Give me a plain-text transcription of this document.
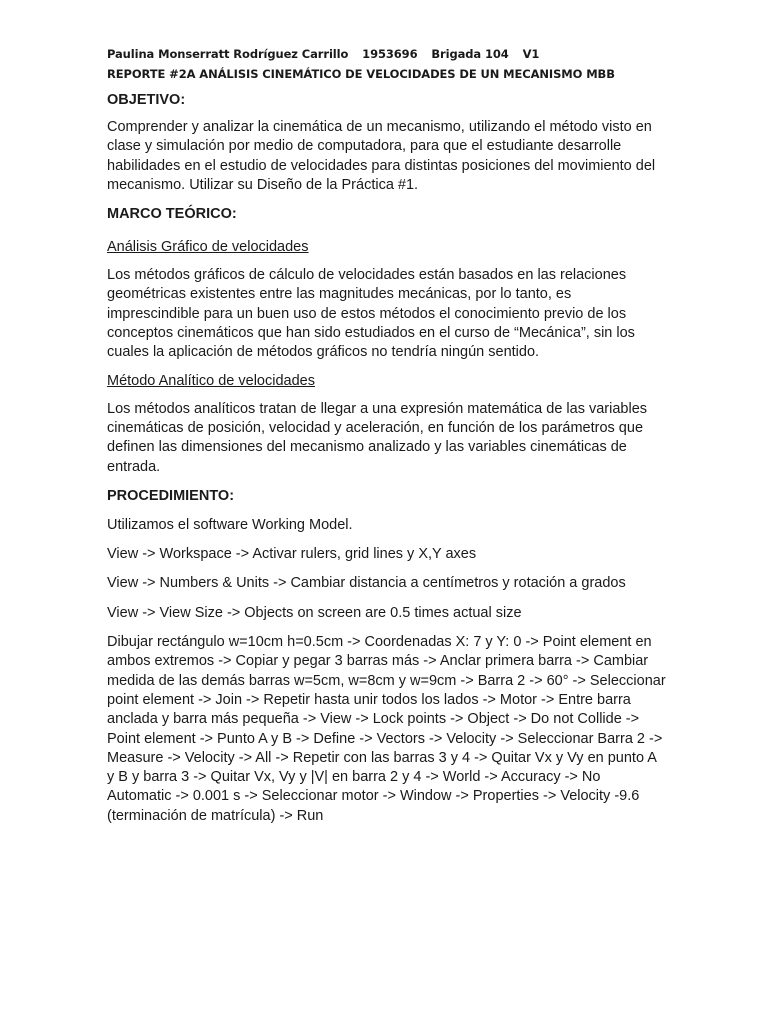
Paulina Monserratt Rodríguez Carrillo 1953696 Brigada 104 V1
REPORTE #2A ANÁLISIS CINEMÁTICO DE VELOCIDADES DE UN MECANISMO MBB
OBJETIVO:

Comprender y analizar la cinemática de un mecanismo, utilizando el método visto en clase y simulación por medio de computadora, para que el estudiante desarrolle habilidades en el estudio de velocidades para distintas posiciones del movimiento del mecanismo. Utilizar su Diseño de la Práctica #1.

MARCO TEÓRICO:
Análisis Gráfico de velocidades

Los métodos gráficos de cálculo de velocidades están basados en las relaciones geométricas existentes entre las magnitudes mecánicas, por lo tanto, es imprescindible para un buen uso de estos métodos el conocimiento previo de los conceptos cinemáticos que han sido estudiados en el curso de “Mecánica”, sin los cuales la aplicación de métodos gráficos no tendría ningún sentido.

Método Analítico de velocidades

Los métodos analíticos tratan de llegar a una expresión matemática de las variables cinemáticas de posición, velocidad y aceleración, en función de los parámetros que definen las dimensiones del mecanismo analizado y las variables cinemáticas de entrada.

PROCEDIMIENTO:

Utilizamos el software Working Model.

View -> Workspace -> Activar rulers, grid lines y X,Y axes

View -> Numbers & Units -> Cambiar distancia a centímetros y rotación a grados

View -> View Size -> Objects on screen are 0.5 times actual size

Dibujar rectángulo w=10cm h=0.5cm -> Coordenadas X: 7 y Y: 0 -> Point element en ambos extremos -> Copiar y pegar 3 barras más -> Anclar primera barra -> Cambiar medida de las demás barras w=5cm, w=8cm y w=9cm -> Barra 2 -> 60° -> Seleccionar point element -> Join -> Repetir hasta unir todos los lados -> Motor -> Entre barra anclada y barra más pequeña -> View -> Lock points -> Object -> Do not Collide -> Point element -> Punto A y B -> Define -> Vectors -> Velocity -> Seleccionar Barra 2 -> Measure -> Velocity -> All -> Repetir con las barras 3 y 4 -> Quitar Vx y Vy en punto A y B y barra 3 -> Quitar Vx, Vy y |V| en barra 2 y 4 -> World -> Accuracy -> No Automatic -> 0.001 s -> Seleccionar motor -> Window -> Properties -> Velocity -9.6 (terminación de matrícula) -> Run
